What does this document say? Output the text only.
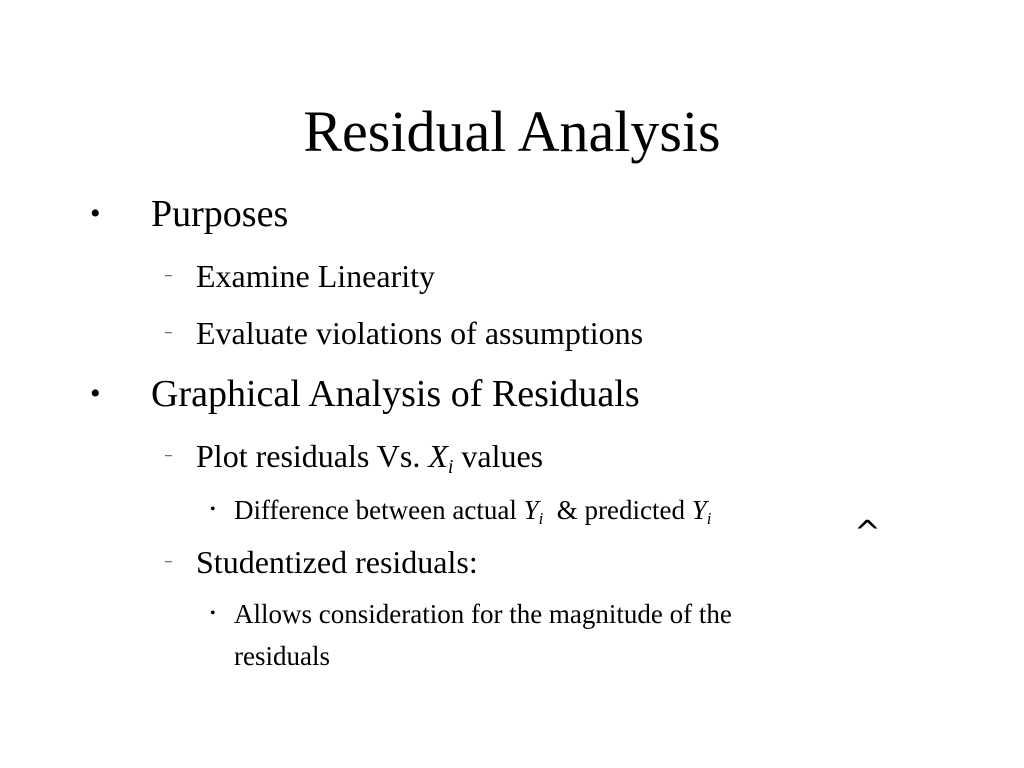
Residual Analysis
• Purposes
– Examine Linearity
– Evaluate violations of assumptions
• Graphical Analysis of Residuals
– Plot residuals Vs. Xi values
• Difference between actual Yi & predicted Yi	^
– Studentized residuals:
• Allows consideration for the magnitude of the
residuals
